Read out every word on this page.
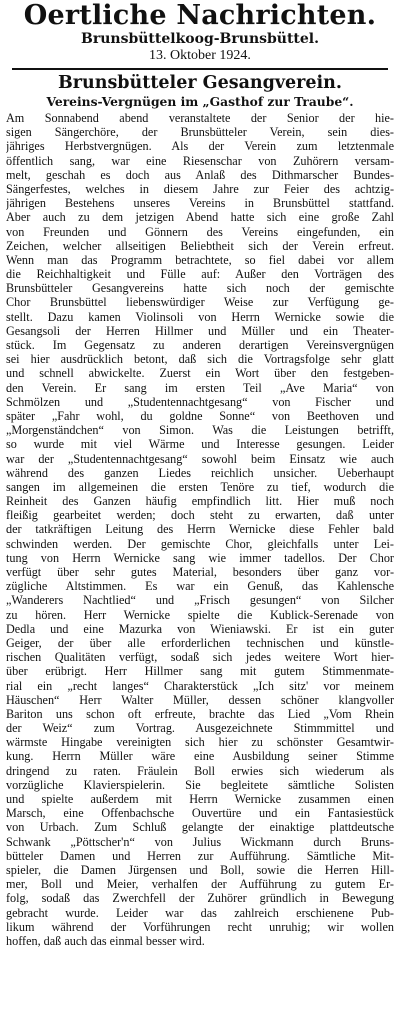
Oertliche Nachrichten.
Brunsbüttelkoog-Brunsbüttel.
13. Oktober 1924.
Brunsbütteler Gesangverein.
Vereins-Vergnügen im „Gasthof zur Traube“.
Am Sonnabend abend veranstaltete der Senior der hie-
sigen Sängerchöre, der Brunsbütteler Verein, sein dies-
jähriges Herbstvergnügen. Als der Verein zum letztenmale
öffentlich sang, war eine Riesenschar von Zuhörern versam-
melt, geschah es doch aus Anlaß des Dithmarscher Bundes-
Sängerfestes, welches in diesem Jahre zur Feier des achtzig-
jährigen Bestehens unseres Vereins in Brunsbüttel stattfand.
Aber auch zu dem jetzigen Abend hatte sich eine große Zahl
von Freunden und Gönnern des Vereins eingefunden, ein
Zeichen, welcher allseitigen Beliebtheit sich der Verein erfreut.
Wenn man das Programm betrachtete, so fiel dabei vor allem
die Reichhaltigkeit und Fülle auf: Außer den Vorträgen des
Brunsbütteler Gesangvereins hatte sich noch der gemischte
Chor Brunsbüttel liebenswürdiger Weise zur Verfügung ge-
stellt. Dazu kamen Violinsoli von Herrn Wernicke sowie die
Gesangsoli der Herren Hillmer und Müller und ein Theater-
stück. Im Gegensatz zu anderen derartigen Vereinsvergnügen
sei hier ausdrücklich betont, daß sich die Vortragsfolge sehr glatt
und schnell abwickelte. Zuerst ein Wort über den festgeben-
den Verein. Er sang im ersten Teil „Ave Maria“ von
Schmölzen und „Studentennachtgesang“ von Fischer und
später „Fahr wohl, du goldne Sonne“ von Beethoven und
„Morgenständchen“ von Simon. Was die Leistungen betrifft,
so wurde mit viel Wärme und Interesse gesungen. Leider
war der „Studentennachtgesang“ sowohl beim Einsatz wie auch
während des ganzen Liedes reichlich unsicher. Ueberhaupt
sangen im allgemeinen die ersten Tenöre zu tief, wodurch die
Reinheit des Ganzen häufig empfindlich litt. Hier muß noch
fleißig gearbeitet werden; doch steht zu erwarten, daß unter
der tatkräftigen Leitung des Herrn Wernicke diese Fehler bald
schwinden werden. Der gemischte Chor, gleichfalls unter Lei-
tung von Herrn Wernicke sang wie immer tadellos. Der Chor
verfügt über sehr gutes Material, besonders über ganz vor-
zügliche Altstimmen. Es war ein Genuß, das Kahlensche
„Wanderers Nachtlied“ und „Frisch gesungen“ von Silcher
zu hören. Herr Wernicke spielte die Kublick-Serenade von
Dedla und eine Mazurka von Wieniawski. Er ist ein guter
Geiger, der über alle erforderlichen technischen und künstle-
rischen Qualitäten verfügt, sodaß sich jedes weitere Wort hier-
über erübrigt. Herr Hillmer sang mit gutem Stimmenmate-
rial ein „recht langes“ Charakterstück „Ich sitz' vor meinem
Häuschen“ Herr Walter Müller, dessen schöner klangvoller
Bariton uns schon oft erfreute, brachte das Lied „Vom Rhein
der Weiz“ zum Vortrag. Ausgezeichnete Stimmmittel und
wärmste Hingabe vereinigten sich hier zu schönster Gesamtwir-
kung. Herrn Müller wäre eine Ausbildung seiner Stimme
dringend zu raten. Fräulein Boll erwies sich wiederum als
vorzügliche Klavierspielerin. Sie begleitete sämtliche Solisten
und spielte außerdem mit Herrn Wernicke zusammen einen
Marsch, eine Offenbachsche Ouvertüre und ein Fantasiestück
von Urbach. Zum Schluß gelangte der einaktige plattdeutsche
Schwank „Pöttscher'n“ von Julius Wickmann durch Bruns-
bütteler Damen und Herren zur Aufführung. Sämtliche Mit-
spieler, die Damen Jürgensen und Boll, sowie die Herren Hill-
mer, Boll und Meier, verhalfen der Aufführung zu gutem Er-
folg, sodaß das Zwerchfell der Zuhörer gründlich in Bewegung
gebracht wurde. Leider war das zahlreich erschienene Pub-
likum während der Vorführungen recht unruhig; wir wollen
hoffen, daß auch das einmal besser wird.
